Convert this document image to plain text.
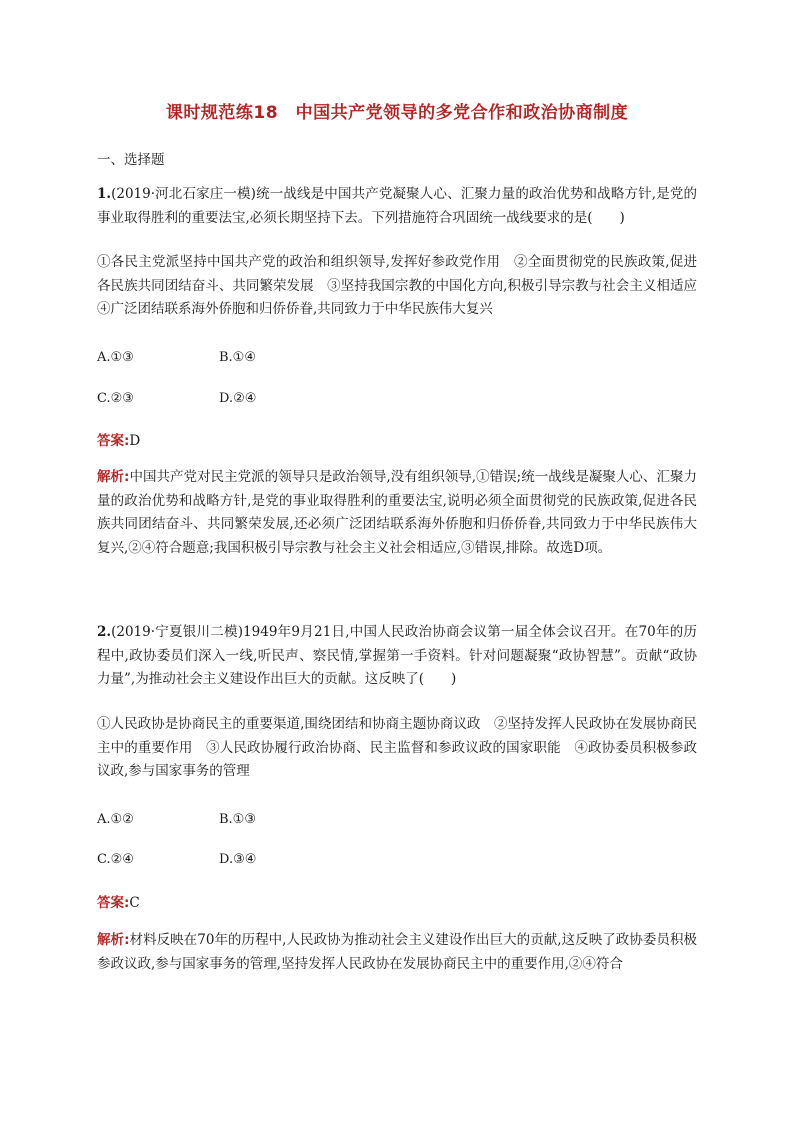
课时规范练18　中国共产党领导的多党合作和政治协商制度
一、选择题

1.(2019·河北石家庄一模)统一战线是中国共产党凝聚人心、汇聚力量的政治优势和战略方针,是党的事业取得胜利的重要法宝,必须长期坚持下去。下列措施符合巩固统一战线要求的是(　　)

①各民主党派坚持中国共产党的政治和组织领导,发挥好参政党作用　②全面贯彻党的民族政策,促进各民族共同团结奋斗、共同繁荣发展　③坚持我国宗教的中国化方向,积极引导宗教与社会主义相适应　④广泛团结联系海外侨胞和归侨侨眷,共同致力于中华民族伟大复兴

A.①③	B.①④
C.②③	D.②④
答案:D

解析:中国共产党对民主党派的领导只是政治领导,没有组织领导,①错误;统一战线是凝聚人心、汇聚力量的政治优势和战略方针,是党的事业取得胜利的重要法宝,说明必须全面贯彻党的民族政策,促进各民族共同团结奋斗、共同繁荣发展,还必须广泛团结联系海外侨胞和归侨侨眷,共同致力于中华民族伟大复兴,②④符合题意;我国积极引导宗教与社会主义社会相适应,③错误,排除。故选D项。

2.(2019·宁夏银川二模)1949年9月21日,中国人民政治协商会议第一届全体会议召开。在70年的历程中,政协委员们深入一线,听民声、察民情,掌握第一手资料。针对问题凝聚“政协智慧”。贡献“政协力量”,为推动社会主义建设作出巨大的贡献。这反映了(　　)

①人民政协是协商民主的重要渠道,围绕团结和协商主题协商议政　②坚持发挥人民政协在发展协商民主中的重要作用　③人民政协履行政治协商、民主监督和参政议政的国家职能　④政协委员积极参政议政,参与国家事务的管理

A.①②	B.①③
C.②④	D.③④
答案:C

解析:材料反映在70年的历程中,人民政协为推动社会主义建设作出巨大的贡献,这反映了政协委员积极参政议政,参与国家事务的管理,坚持发挥人民政协在发展协商民主中的重要作用,②④符合
